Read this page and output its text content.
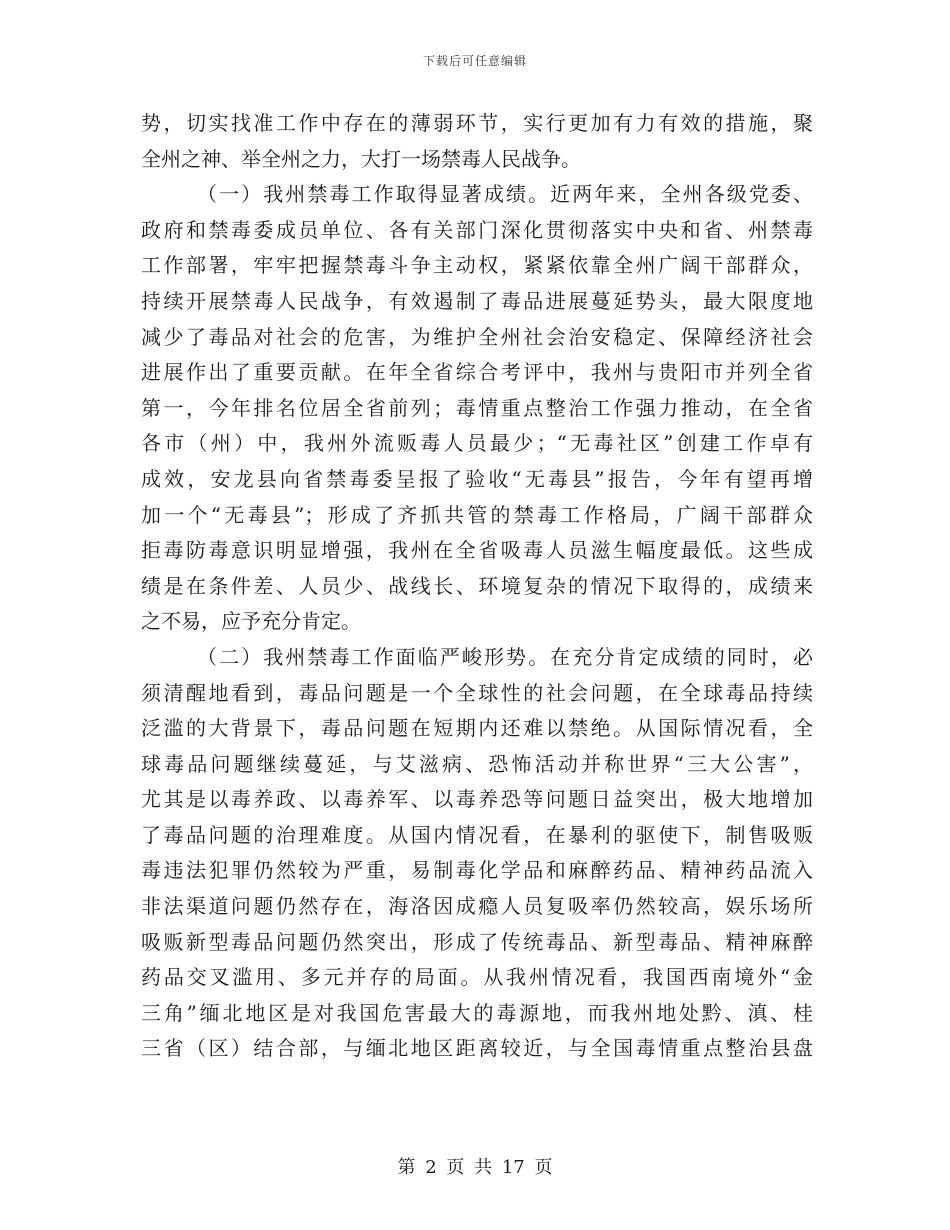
下载后可任意编辑
势，切实找准工作中存在的薄弱环节，实行更加有力有效的措施，聚
全州之神、举全州之力，大打一场禁毒人民战争。
（一）我州禁毒工作取得显著成绩。近两年来，全州各级党委、
政府和禁毒委成员单位、各有关部门深化贯彻落实中央和省、州禁毒
工作部署，牢牢把握禁毒斗争主动权，紧紧依靠全州广阔干部群众，
持续开展禁毒人民战争，有效遏制了毒品进展蔓延势头，最大限度地
减少了毒品对社会的危害，为维护全州社会治安稳定、保障经济社会
进展作出了重要贡献。在年全省综合考评中，我州与贵阳市并列全省
第一，今年排名位居全省前列；毒情重点整治工作强力推动，在全省
各市（州）中，我州外流贩毒人员最少；“无毒社区”创建工作卓有
成效，安龙县向省禁毒委呈报了验收“无毒县”报告，今年有望再增
加一个“无毒县”；形成了齐抓共管的禁毒工作格局，广阔干部群众
拒毒防毒意识明显增强，我州在全省吸毒人员滋生幅度最低。这些成
绩是在条件差、人员少、战线长、环境复杂的情况下取得的，成绩来
之不易，应予充分肯定。
（二）我州禁毒工作面临严峻形势。在充分肯定成绩的同时，必
须清醒地看到，毒品问题是一个全球性的社会问题，在全球毒品持续
泛滥的大背景下，毒品问题在短期内还难以禁绝。从国际情况看，全
球毒品问题继续蔓延，与艾滋病、恐怖活动并称世界“三大公害”，
尤其是以毒养政、以毒养军、以毒养恐等问题日益突出，极大地增加
了毒品问题的治理难度。从国内情况看，在暴利的驱使下，制售吸贩
毒违法犯罪仍然较为严重，易制毒化学品和麻醉药品、精神药品流入
非法渠道问题仍然存在，海洛因成瘾人员复吸率仍然较高，娱乐场所
吸贩新型毒品问题仍然突出，形成了传统毒品、新型毒品、精神麻醉
药品交叉滥用、多元并存的局面。从我州情况看，我国西南境外“金
三角”缅北地区是对我国危害最大的毒源地，而我州地处黔、滇、桂
三省（区）结合部，与缅北地区距离较近，与全国毒情重点整治县盘
第 2 页 共 17 页
